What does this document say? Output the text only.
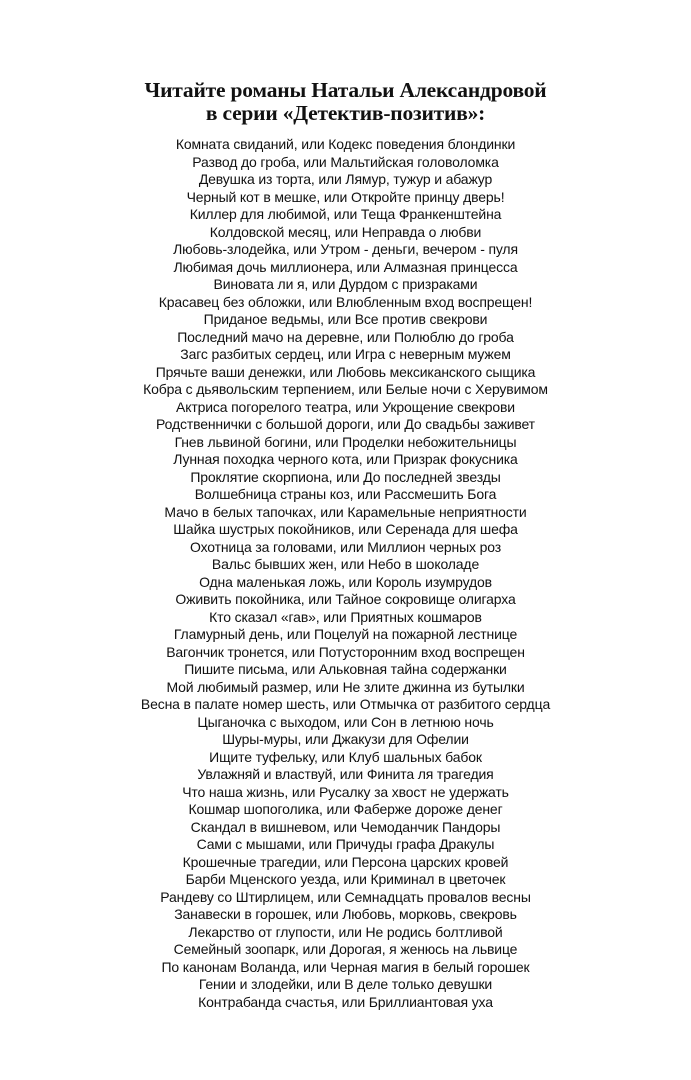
Читайте романы Натальи Александровой
в серии «Детектив-позитив»:
Комната свиданий, или Кодекс поведения блондинки
Развод до гроба, или Мальтийская головоломка
Девушка из торта, или Лямур, тужур и абажур
Черный кот в мешке, или Откройте принцу дверь!
Киллер для любимой, или Теща Франкенштейна
Колдовской месяц, или Неправда о любви
Любовь-злодейка, или Утром - деньги, вечером - пуля
Любимая дочь миллионера, или Алмазная принцесса
Виновата ли я, или Дурдом с призраками
Красавец без обложки, или Влюбленным вход воспрещен!
Приданое ведьмы, или Все против свекрови
Последний мачо на деревне, или Полюблю до гроба
Загс разбитых сердец, или Игра с неверным мужем
Прячьте ваши денежки, или Любовь мексиканского сыщика
Кобра с дьявольским терпением, или Белые ночи с Херувимом
Актриса погорелого театра, или Укрощение свекрови
Родственнички с большой дороги, или До свадьбы заживет
Гнев львиной богини, или Проделки небожительницы
Лунная походка черного кота, или Призрак фокусника
Проклятие скорпиона, или До последней звезды
Волшебница страны коз, или Рассмешить Бога
Мачо в белых тапочках, или Карамельные неприятности
Шайка шустрых покойников, или Серенада для шефа
Охотница за головами, или Миллион черных роз
Вальс бывших жен, или Небо в шоколаде
Одна маленькая ложь, или Король изумрудов
Оживить покойника, или Тайное сокровище олигарха
Кто сказал «гав», или Приятных кошмаров
Гламурный день, или Поцелуй на пожарной лестнице
Вагончик тронется, или Потусторонним вход воспрещен
Пишите письма, или Альковная тайна содержанки
Мой любимый размер, или Не злите джинна из бутылки
Весна в палате номер шесть, или Отмычка от разбитого сердца
Цыганочка с выходом, или Сон в летнюю ночь
Шуры-муры, или Джакузи для Офелии
Ищите туфельку, или Клуб шальных бабок
Увлажняй и властвуй, или Финита ля трагедия
Что наша жизнь, или Русалку за хвост не удержать
Кошмар шопоголика, или Фаберже дороже денег
Скандал в вишневом, или Чемоданчик Пандоры
Сами с мышами, или Причуды графа Дракулы
Крошечные трагедии, или Персона царских кровей
Барби Мценского уезда, или Криминал в цветочек
Рандеву со Штирлицем, или Семнадцать провалов весны
Занавески в горошек, или Любовь, морковь, свекровь
Лекарство от глупости, или Не родись болтливой
Семейный зоопарк, или Дорогая, я женюсь на львице
По канонам Воланда, или Черная магия в белый горошек
Гении и злодейки, или В деле только девушки
Контрабанда счастья, или Бриллиантовая уха
